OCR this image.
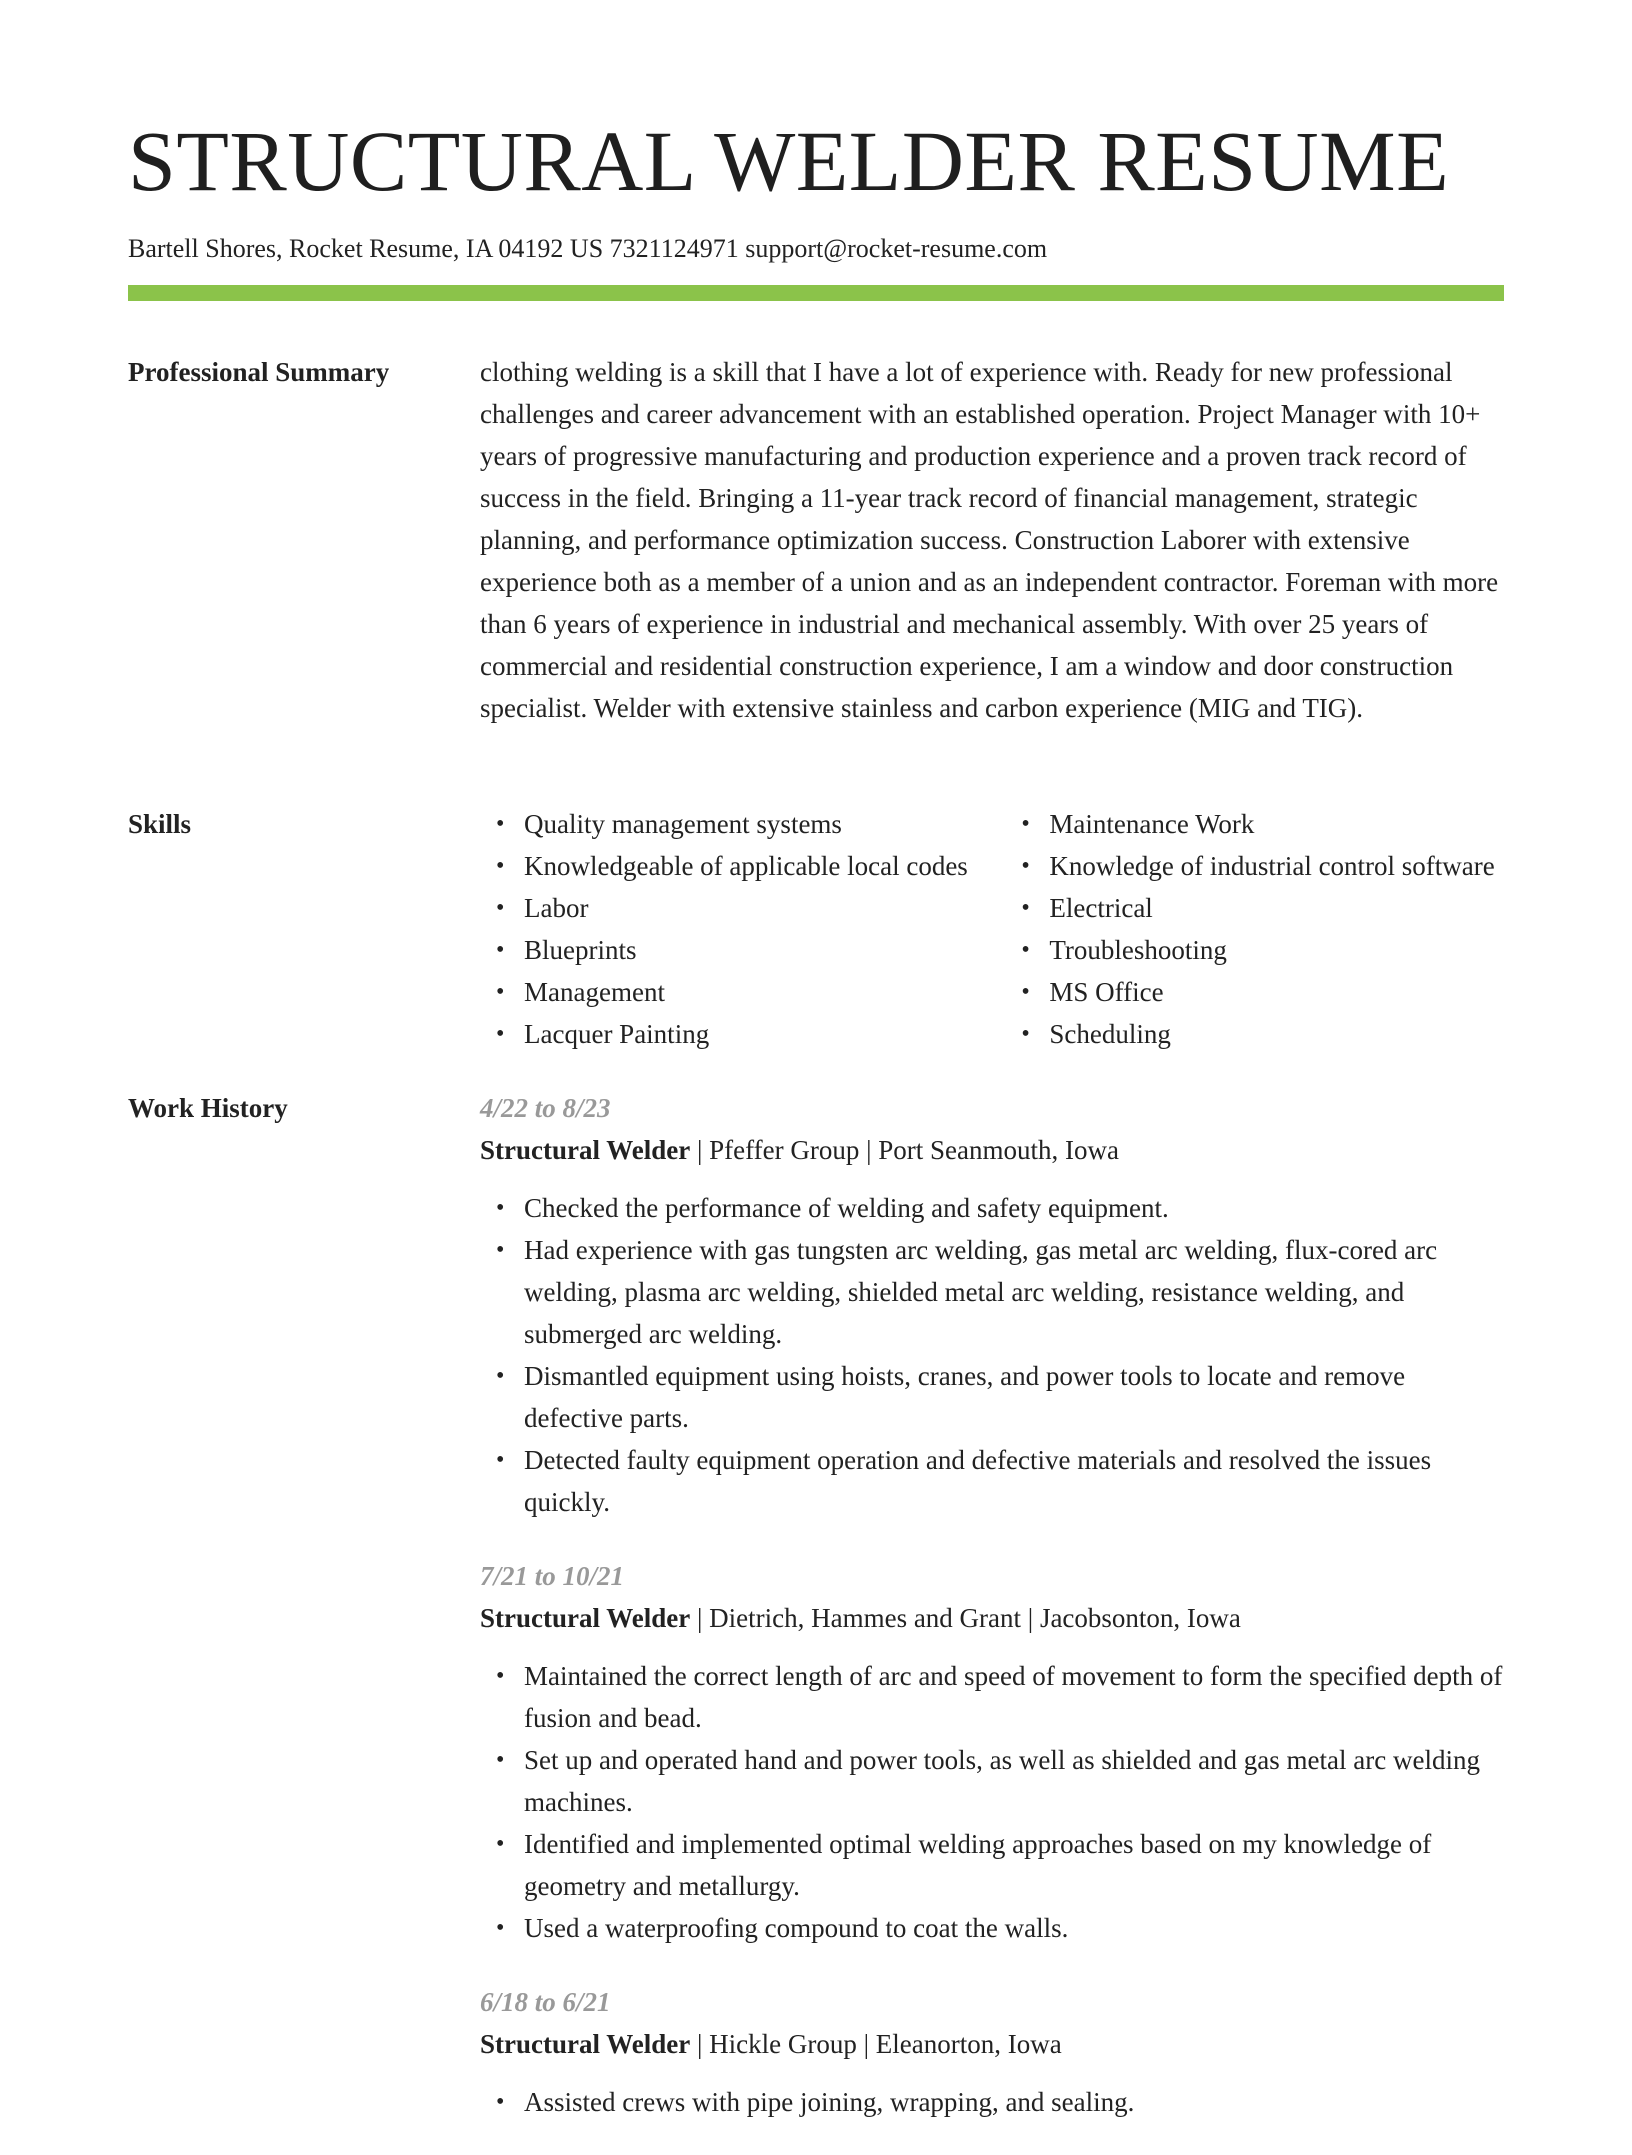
STRUCTURAL WELDER RESUME
Bartell Shores, Rocket Resume, IA 04192 US 7321124971 support@rocket-resume.com
Professional Summary	clothing welding is a skill that I have a lot of experience with. Ready for new professional challenges and career advancement with an established operation. Project Manager with 10+ years of progressive manufacturing and production experience and a proven track record of success in the field. Bringing a 11-year track record of financial management, strategic planning, and performance optimization success. Construction Laborer with extensive experience both as a member of a union and as an independent contractor. Foreman with more than 6 years of experience in industrial and mechanical assembly. With over 25 years of commercial and residential construction experience, I am a window and door construction specialist. Welder with extensive stainless and carbon experience (MIG and TIG).

Skills
•	Quality management systems
• Knowledgeable of applicable local codes
• Labor
• Blueprints
• Management
• Lacquer Painting
• Maintenance Work
• Knowledge of industrial control software
• Electrical
• Troubleshooting
• MS Office
• Scheduling
Work History	4/22 to 8/23
Structural Welder | Pfeffer Group | Port Seanmouth, Iowa
• Checked the performance of welding and safety equipment.
• Had experience with gas tungsten arc welding, gas metal arc welding, flux-cored arc welding, plasma arc welding, shielded metal arc welding, resistance welding, and submerged arc welding.
• Dismantled equipment using hoists, cranes, and power tools to locate and remove defective parts.
• Detected faulty equipment operation and defective materials and resolved the issues quickly.
7/21 to 10/21
Structural Welder | Dietrich, Hammes and Grant | Jacobsonton, Iowa
• Maintained the correct length of arc and speed of movement to form the specified depth of fusion and bead.
• Set up and operated hand and power tools, as well as shielded and gas metal arc welding machines.
• Identified and implemented optimal welding approaches based on my knowledge of geometry and metallurgy.
• Used a waterproofing compound to coat the walls.
6/18 to 6/21
Structural Welder | Hickle Group | Eleanorton, Iowa
• Assisted crews with pipe joining, wrapping, and sealing.
